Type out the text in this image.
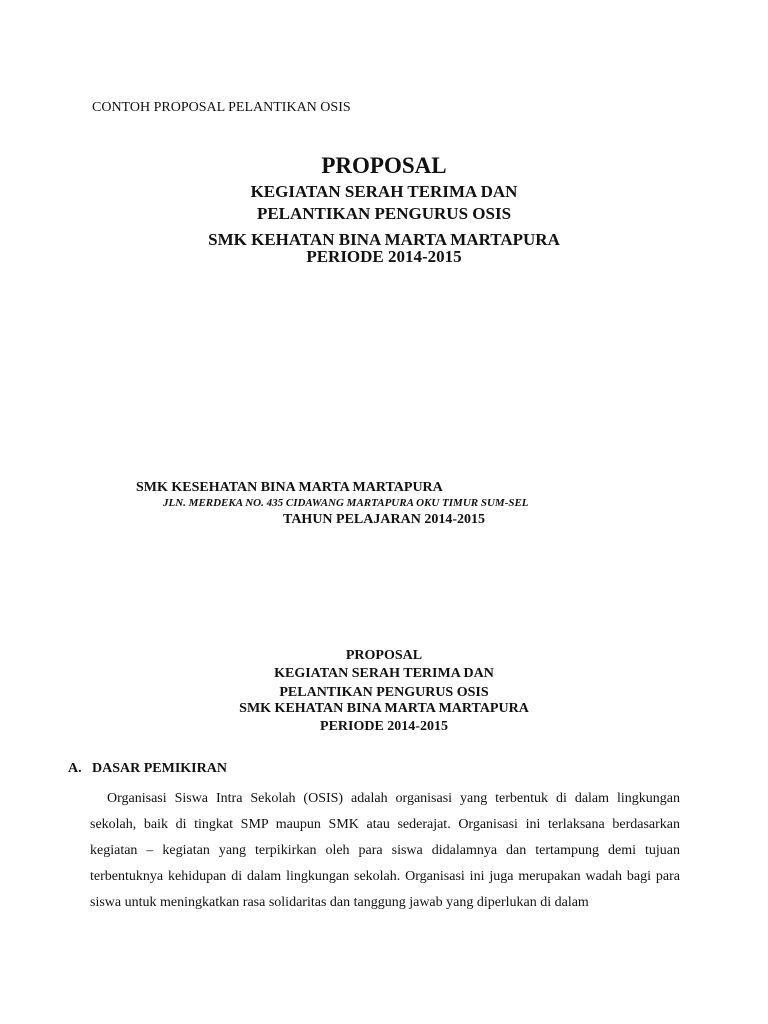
CONTOH PROPOSAL PELANTIKAN OSIS
PROPOSAL
KEGIATAN SERAH TERIMA DAN
PELANTIKAN PENGURUS OSIS
SMK KEHATAN BINA MARTA MARTAPURA
PERIODE 2014-2015
SMK KESEHATAN BINA MARTA MARTAPURA
JLN. MERDEKA NO. 435 CIDAWANG MARTAPURA OKU TIMUR SUM-SEL
TAHUN PELAJARAN 2014-2015
PROPOSAL
KEGIATAN SERAH TERIMA DAN
PELANTIKAN PENGURUS OSIS
SMK KEHATAN BINA MARTA MARTAPURA
PERIODE 2014-2015
A. DASAR PEMIKIRAN
Organisasi Siswa Intra Sekolah (OSIS) adalah organisasi yang terbentuk di dalam lingkungan sekolah, baik di tingkat SMP maupun SMK atau sederajat. Organisasi ini terlaksana berdasarkan kegiatan – kegiatan yang terpikirkan oleh para siswa didalamnya dan tertampung demi tujuan terbentuknya kehidupan di dalam lingkungan sekolah. Organisasi ini juga merupakan wadah bagi para siswa untuk meningkatkan rasa solidaritas dan tanggung jawab yang diperlukan di dalam
